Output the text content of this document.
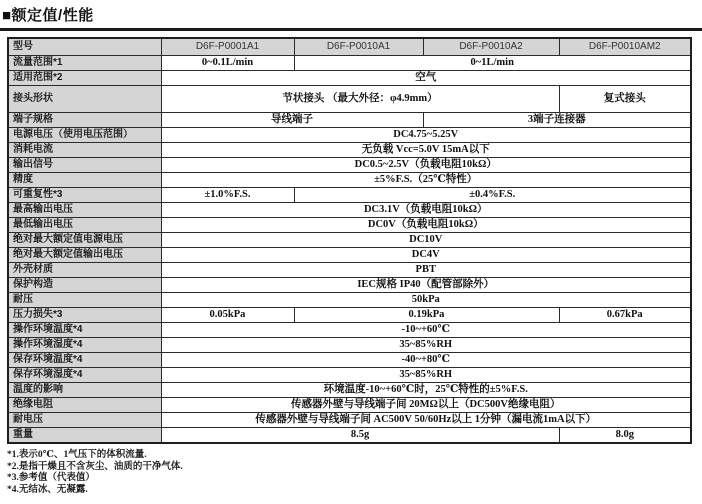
■额定值/性能
型号	D6F-P0001A1	D6F-P0010A1	D6F-P0010A2	D6F-P0010AM2
流量范围*1	0~0.1L/min	0~1L/min		
适用范围*2	空气			
接头形状	节状接头 （最大外径：φ4.9mm）			复式接头
端子规格	导线端子		3端子连接器	
电源电压（使用电压范围）	DC4.75~5.25V			
消耗电流	无负载 Vcc=5.0V 15mA以下			
输出信号	DC0.5~2.5V（负载电阻10kΩ）			
精度	±5%F.S.（25℃特性）			
可重复性*3	±1.0%F.S.	±0.4%F.S.		
最高输出电压	DC3.1V（负载电阻10kΩ）			
最低输出电压	DC0V（负载电阻10kΩ）			
绝对最大额定值电源电压	DC10V			
绝对最大额定值输出电压	DC4V			
外壳材质	PBT			
保护构造	IEC规格 IP40（配管部除外）			
耐压	50kPa			
压力损失*3	0.05kPa	0.19kPa		0.67kPa
操作环境温度*4	-10~+60℃			
操作环境湿度*4	35~85%RH			
保存环境温度*4	-40~+80℃			
保存环境湿度*4	35~85%RH			
温度的影响	环境温度-10~+60℃时，25℃特性的±5%F.S.			
绝缘电阻	传感器外壁与导线端子间 20MΩ以上（DC500V绝缘电阻）			
耐电压	传感器外壁与导线端子间 AC500V 50/60Hz以上 1分钟（漏电流1mA以下）			
重量	8.5g			8.0g
*1.表示0℃、1气压下的体积流量.
*2.是指干燥且不含灰尘、油质的干净气体.
*3.参考值（代表值）
*4.无结冰、无凝露.
